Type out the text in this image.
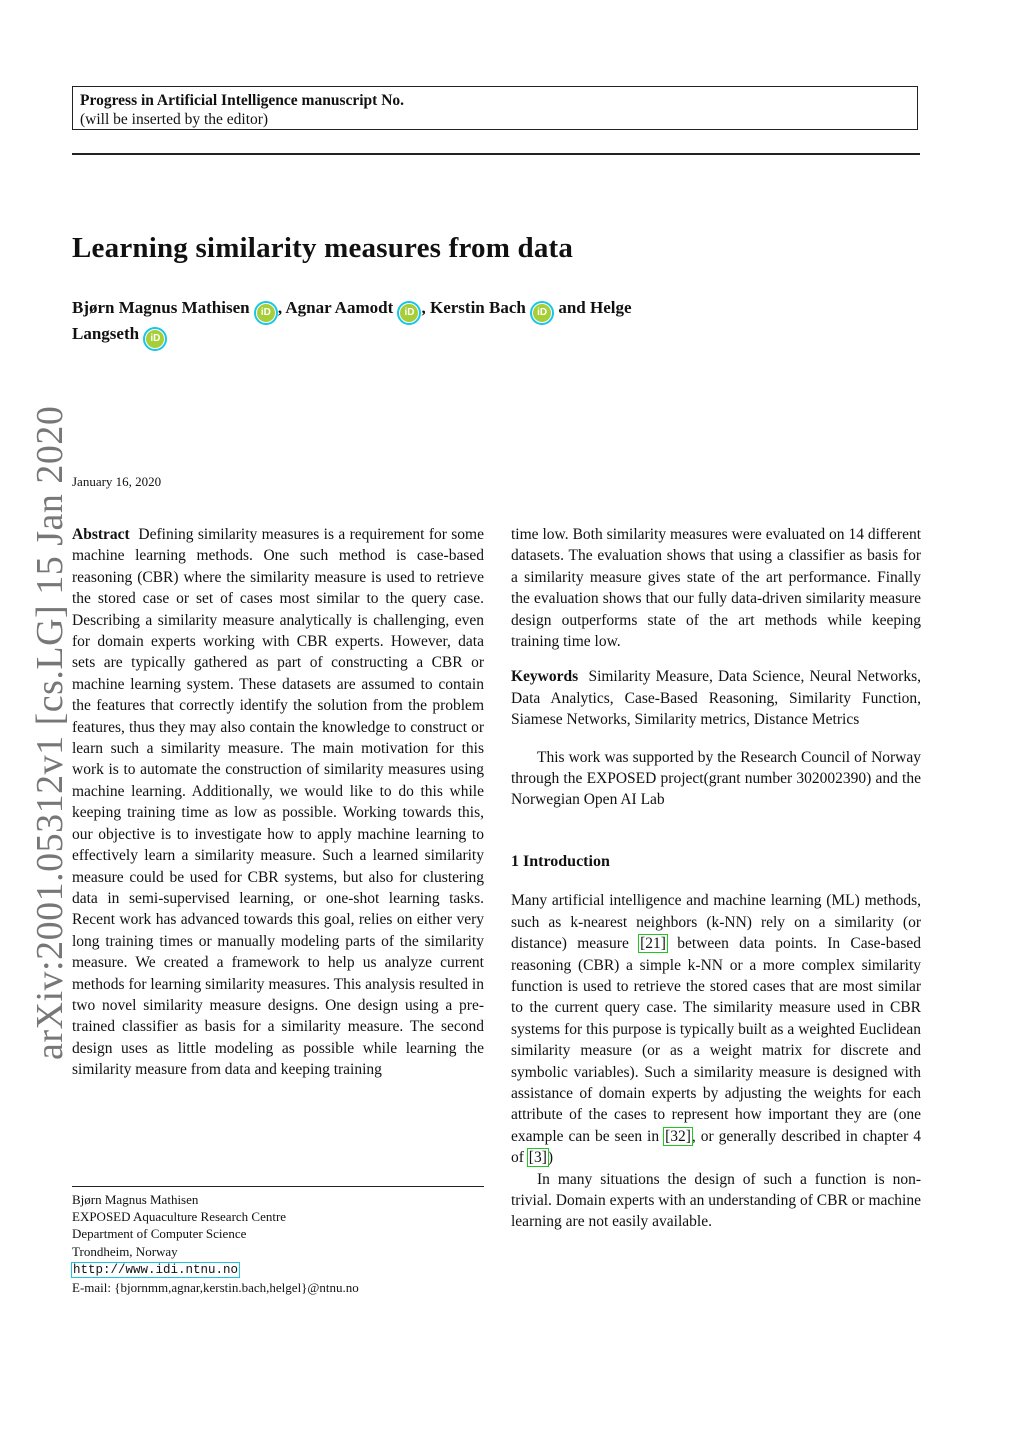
Progress in Artificial Intelligence manuscript No.
(will be inserted by the editor)
Learning similarity measures from data
Bjørn Magnus Mathisen iD , Agnar Aamodt iD , Kerstin Bach iD and Helge
Langseth iD
arXiv:2001.05312v1 [cs.LG] 15 Jan 2020 January 16, 2020

Abstract Defining similarity measures is a requirement for some machine learning methods. One such method is case-based reasoning (CBR) where the similarity measure is used to retrieve the stored case or set of cases most similar to the query case. Describing a similarity measure analytically is challenging, even for domain experts working with CBR experts. However, data sets are typically gathered as part of constructing a CBR or machine learning system. These datasets are assumed to contain the features that correctly identify the solution from the problem features, thus they may also contain the knowledge to construct or learn such a similarity measure. The main motivation for this work is to automate the construction of similarity measures using machine learning. Additionally, we would like to do this while keeping training time as low as possible. Working towards this, our objective is to investigate how to apply machine learning to effectively learn a similarity measure. Such a learned similarity measure could be used for CBR systems, but also for clustering data in semi-supervised learning, or one-shot learning tasks. Recent work has advanced towards this goal, relies on either very long training times or manually modeling parts of the similarity measure. We created a framework to help us analyze current methods for learning similarity measures. This analysis resulted in two novel similarity measure designs. One design using a pre-trained classifier as basis for a similarity measure. The second design uses as little modeling as possible while learning the similarity measure from data and keeping training

Bjørn Magnus Mathisen
EXPOSED Aquaculture Research Centre
Department of Computer Science
Trondheim, Norway
http://www.idi.ntnu.no
E-mail: {bjornmm,agnar,kerstin.bach,helgel}@ntnu.no

time low. Both similarity measures were evaluated on 14 different datasets. The evaluation shows that using a classifier as basis for a similarity measure gives state of the art performance. Finally the evaluation shows that our fully data-driven similarity measure design outperforms state of the art methods while keeping training time low.

Keywords Similarity Measure, Data Science, Neural Networks, Data Analytics, Case-Based Reasoning, Similarity Function, Siamese Networks, Similarity metrics, Distance Metrics

This work was supported by the Research Council of Norway through the EXPOSED project(grant number 302002390) and the Norwegian Open AI Lab

1 Introduction

Many artificial intelligence and machine learning (ML) methods, such as k-nearest neighbors (k-NN) rely on a similarity (or distance) measure [21] between data points. In Case-based reasoning (CBR) a simple k-NN or a more complex similarity function is used to retrieve the stored cases that are most similar to the current query case. The similarity measure used in CBR systems for this purpose is typically built as a weighted Euclidean similarity measure (or as a weight matrix for discrete and symbolic variables). Such a similarity measure is designed with assistance of domain experts by adjusting the weights for each attribute of the cases to represent how important they are (one example can be seen in [32], or generally described in chapter 4 of [3])

In many situations the design of such a function is non-trivial. Domain experts with an understanding of CBR or machine learning are not easily available.
